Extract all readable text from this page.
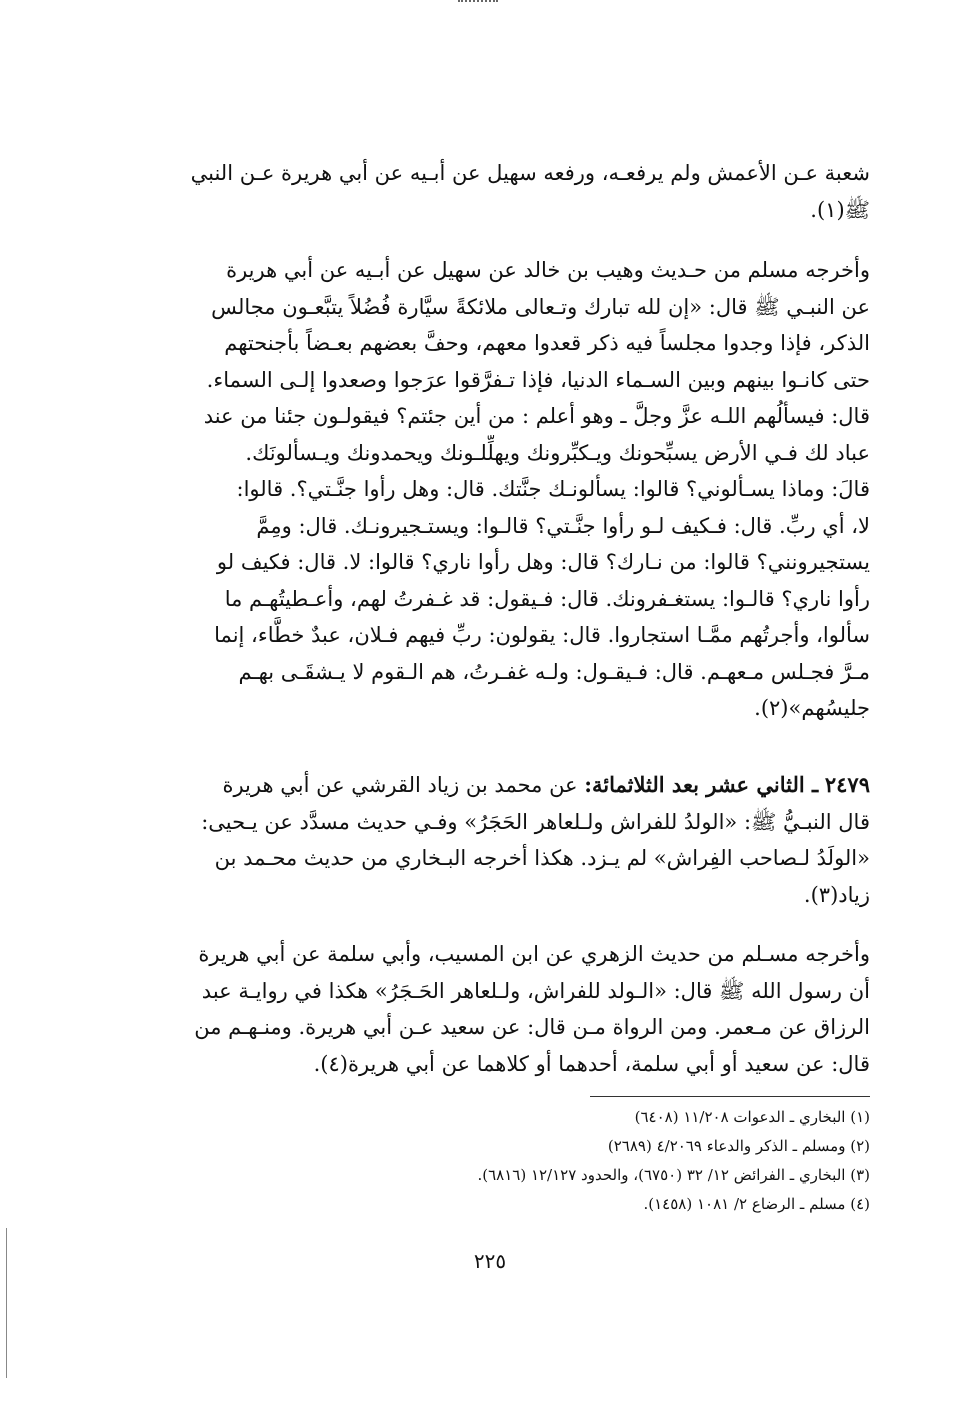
شعبة عـن الأعمش ولم يرفعـه، ورفعه سهيل عن أبـيه عن أبي هريرة عـن النبي
ﷺ(١).
وأخرجه مسلم من حـديث وهيب بن خالد عن سهيل عن أبـيه عن أبي هريرة
عن النبـي ﷺ قال: «إن لله تبارك وتـعالى ملائكةً سيَّارة فُضُلاً يتبَّعـون مجالس
الذكر، فإذا وجدوا مجلساً فيه ذكر قعدوا معهم، وحفَّ بعضهم بعـضاً بأجنحتهم
حتى كانـوا بينهم وبين السـماء الدنيا، فإذا تـفرَّقوا عرَجوا وصعدوا إلـى السماء.
قال: فيسألُهم اللـه عزَّ وجلَّ ـ وهو أعلم : من أين جئتم؟ فيقولـون جئنا من عند
عباد لك فـي الأرض يسبِّحونك ويـكبِّرونك ويهلِّلـونك ويحمدونك ويـسألونَك.
قالَ: وماذا يسـألوني؟ قالوا: يسألونـك جنَّتك. قال: وهل رأوا جنَّـتي؟. قالوا:
لا، أي ربِّ. قال: فـكيف لـو رأوا جنَّـتي؟ قالـوا: ويستـجيرونـك. قال: ومِمَّ
يستجيرونني؟ قالوا: من نـارك؟ قال: وهل رأوا ناري؟ قالوا: لا. قال: فكيف لو
رأوا ناري؟ قالـوا: يستغـفرونك. قال: فـيقول: قد غـفرتُ لهم، وأعـطيتُهـم ما
سألوا، وأجرتُهم ممَّـا استجاروا. قال: يقولون: ربِّ فيهم فـلان، عبدٌ خطَّاء، إنما
مـرَّ فجـلس مـعهـم. قال: فـيقـول: ولـه غفـرتُ، هم الـقوم لا يـشقَـى بهـم
جليسُهم»(٢).
٢٤٧٩ ـ الثاني عشر بعد الثلاثمائة: عن محمد بن زياد القرشي عن أبي هريرة
قال النبـيُّ ﷺ: «الولدُ للفراش ولـلعاهر الحَجَرُ» وفـي حديث مسدَّد عن يـحيى:
«الولَدُ لـصاحب الفِراش» لم يـزد. هكذا أخرجه البـخاري من حديث محـمد بن
زياد(٣).
وأخرجه مسـلم من حديث الزهري عن ابن المسيب، وأبي سلمة عن أبي هريرة
أن رسول الله ﷺ قال: «الـولد للفراش، ولـلعاهر الحَـجَرُ» هكذا في روايـة عبد
الرزاق عن مـعمر. ومن الرواة مـن قال: عن سعيد عـن أبي هريرة. ومنـهـم من
قال: عن سعيد أو أبي سلمة، أحدهما أو كلاهما عن أبي هريرة(٤).
(١) البخاري ـ الدعوات ١١/٢٠٨ (٦٤٠٨)
(٢) ومسلم ـ الذكر والدعاء ٤/٢٠٦٩ (٢٦٨٩)
(٣) البخاري ـ الفرائض ١٢/ ٣٢ (٦٧٥٠)، والحدود ١٢/١٢٧ (٦٨١٦).
(٤) مسلم ـ الرضاع ٢/ ١٠٨١ (١٤٥٨).
٢٢٥
